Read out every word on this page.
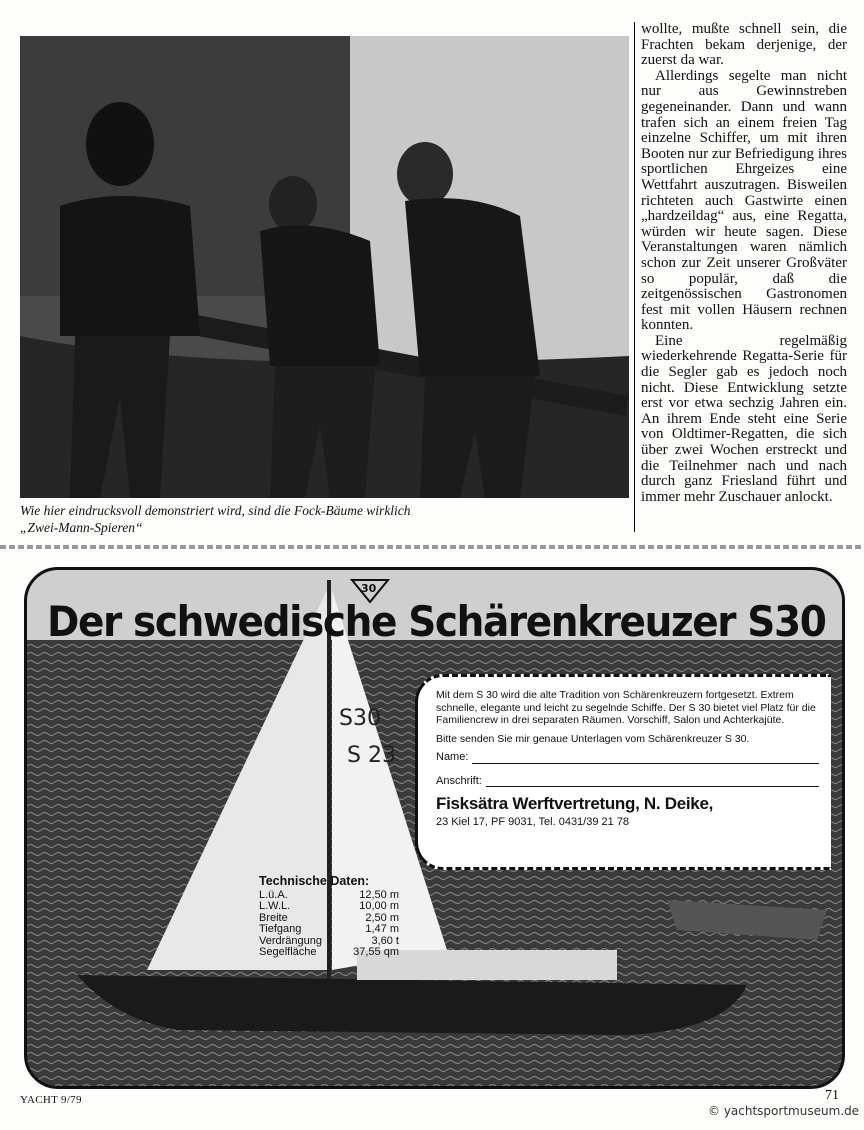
Wie hier eindrucksvoll demonstriert wird, sind die Fock-Bäume wirklich
„Zwei-Mann-Spieren“

wollte, mußte schnell sein, die Frachten bekam derjenige, der zuerst da war.

Allerdings segelte man nicht nur aus Gewinnstreben gegeneinander. Dann und wann trafen sich an einem freien Tag einzelne Schiffer, um mit ihren Booten nur zur Befriedigung ihres sportlichen Ehrgeizes eine Wettfahrt auszutragen. Bisweilen richteten auch Gastwirte einen „hardzeildag“ aus, eine Regatta, würden wir heute sagen. Diese Veranstaltungen waren nämlich schon zur Zeit unserer Großväter so populär, daß die zeitgenössischen Gastronomen fest mit vollen Häusern rechnen konnten.

Eine regelmäßig wiederkehrende Regatta-Serie für die Segler gab es jedoch noch nicht. Diese Entwicklung setzte erst vor etwa sechzig Jahren ein. An ihrem Ende steht eine Serie von Oldtimer-Regatten, die sich über zwei Wochen erstreckt und die Teilnehmer nach und nach durch ganz Friesland führt und immer mehr Zuschauer anlockt.

S30
S 23
30
Der schwedische Schärenkreuzer S30

Mit dem S 30 wird die alte Tradition von Schärenkreuzern fortgesetzt. Extrem schnelle, elegante und leicht zu segelnde Schiffe. Der S 30 bietet viel Platz für die Familiencrew in drei separaten Räumen. Vorschiff, Salon und Achterkajüte.

Bitte senden Sie mir genaue Unterlagen vom Schärenkreuzer S 30.

Name:
Anschrift:
Fisksätra Werftvertretung, N. Deike,
23 Kiel 17, PF 9031, Tel. 0431/39 21 78
Technische Daten:
L.ü.A.	12,50 m
L.W.L.	10,00 m
Breite	2,50 m
Tiefgang	1,47 m
Verdrängung	3,60 t
Segelfläche	37,55 qm
YACHT 9/79	71
© yachtsportmuseum.de
